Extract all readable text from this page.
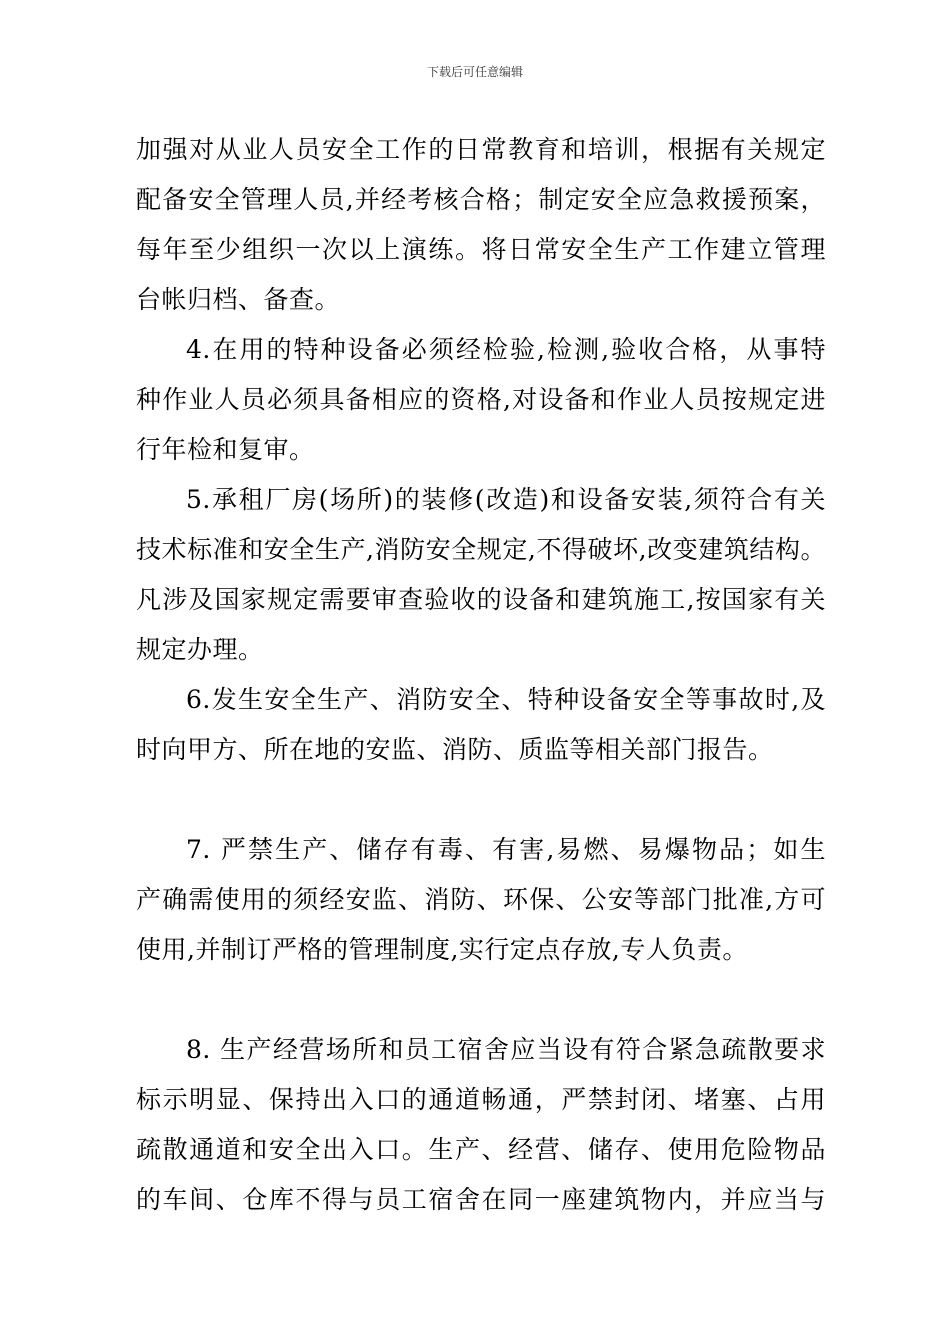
下载后可任意编辑
加强对从业人员安全工作的日常教育和培训，根据有关规定
配备安全管理人员,并经考核合格；制定安全应急救援预案，
每年至少组织一次以上演练。将日常安全生产工作建立管理
台帐归档、备查。
4.在用的特种设备必须经检验,检测,验收合格，从事特
种作业人员必须具备相应的资格,对设备和作业人员按规定进
行年检和复审。
5.承租厂房(场所)的装修(改造)和设备安装,须符合有关
技术标准和安全生产,消防安全规定,不得破坏,改变建筑结构。
凡涉及国家规定需要审查验收的设备和建筑施工,按国家有关
规定办理。
6.发生安全生产、消防安全、特种设备安全等事故时,及
时向甲方、所在地的安监、消防、质监等相关部门报告。
7. 严禁生产、储存有毒、有害,易燃、易爆物品；如生
产确需使用的须经安监、消防、环保、公安等部门批准,方可
使用,并制订严格的管理制度,实行定点存放,专人负责。
8. 生产经营场所和员工宿舍应当设有符合紧急疏散要求
标示明显、保持出入口的通道畅通，严禁封闭、堵塞、占用
疏散通道和安全出入口。生产、经营、储存、使用危险物品
的车间、仓库不得与员工宿舍在同一座建筑物内，并应当与
